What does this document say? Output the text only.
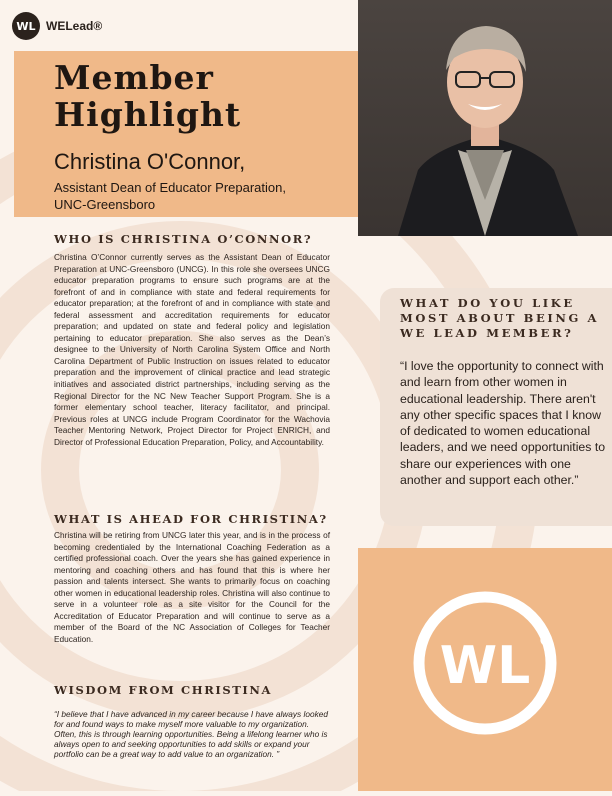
WL WELead®
Member
Highlight
Christina O'Connor,
Assistant Dean of Educator Preparation,
UNC-Greensboro
WHO IS CHRISTINA O’CONNOR?

Christina O’Connor currently serves as the Assistant Dean of Educator Preparation at UNC-Greensboro (UNCG). In this role she oversees UNCG educator preparation programs to ensure such programs are at the forefront of and in compliance with state and federal requirements for educator preparation; at the forefront of and in compliance with state and federal assessment and accreditation requirements for educator preparation; and updated on state and federal policy and legislation pertaining to educator preparation. She also serves as the Dean’s designee to the University of North Carolina System Office and North Carolina Department of Public Instruction on issues related to educator preparation and the improvement of clinical practice and lead strategic initiatives and associated district partnerships, including serving as the Regional Director for the NC New Teacher Support Program. She is a former elementary school teacher, literacy facilitator, and principal. Previous roles at UNCG include Program Coordinator for the Wachovia Teacher Mentoring Network, Project Director for Project ENRICH, and Director of Professional Education Preparation, Policy, and Accountability.

WHAT IS AHEAD FOR CHRISTINA?

Christina will be retiring from UNCG later this year, and is in the process of becoming credentialed by the International Coaching Federation as a certified professional coach. Over the years she has gained experience in mentoring and coaching others and has found that this is where her passion and talents intersect. She wants to primarily focus on coaching other women in educational leadership roles. Christina will also continue to serve in a volunteer role as a site visitor for the Council for the Accreditation of Educator Preparation and will continue to serve as a member of the Board of the NC Association of Colleges for Teacher Education.

WISDOM FROM CHRISTINA

“I believe that I have advanced in my career because I have always looked for and found ways to make myself more valuable to my organization. Often, this is through learning opportunities. Being a lifelong learner who is always open to and seeking opportunities to add skills or expand your portfolio can be a great way to add value to an organization. ”

WHAT DO YOU LIKE MOST ABOUT BEING A WE LEAD MEMBER?

“I love the opportunity to connect with and learn from other women in educational leadership. There aren't any other specific spaces that I know of dedicated to women educational leaders, and we need opportunities to share our experiences with one another and support each other.”

WL
